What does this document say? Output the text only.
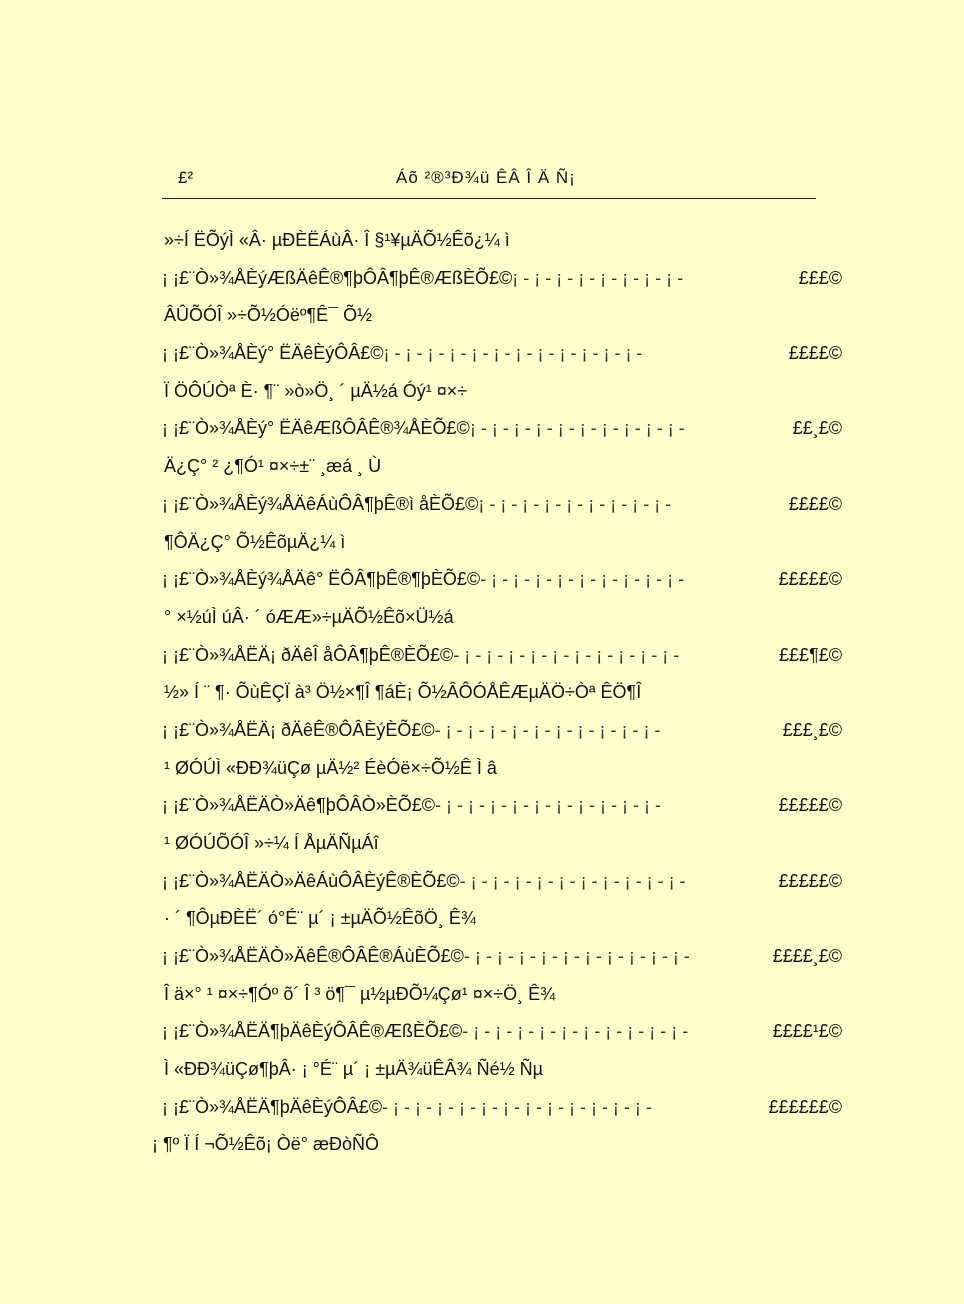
£²	Áõ ²®³Ð¾ü ÊÂ Î Ä Ñ¡
»÷Í ËÕýÌ «Â· µÐÈËÁùÂ· Î §¹¥µÄÕ½Êõ¿¼ ì
¡ ¡£¨Ò»¾ÅÈýÆßÄêÊ®¶þÔÂ¶þÊ®ÆßÈÕ£© ¡ - ¡ - ¡ - ¡ - ¡ - ¡ - ¡ - ¡ -	£££©
ÂÛÕÓÎ »÷Õ½Óëº¶Ê¯ Õ½
¡ ¡£¨Ò»¾ÅÈý° ËÄêÈýÔÂ£© ¡ - ¡ - ¡ - ¡ - ¡ - ¡ - ¡ - ¡ - ¡ - ¡ - ¡ - ¡ -	££££©
Ï ÖÔÚÒª È· ¶¨ »ò»Ö¸ ´ µÄ½á Óý¹ ¤×÷
¡ ¡£¨Ò»¾ÅÈý° ËÄêÆßÔÂÊ®¾ÅÈÕ£© ¡ - ¡ - ¡ - ¡ - ¡ - ¡ - ¡ - ¡ - ¡ - ¡ -	££¸£©
Ä¿Ç° ² ¿¶Ó¹ ¤×÷±¨ ¸æá ¸ Ù
¡ ¡£¨Ò»¾ÅÈý¾ÅÄêÁùÔÂ¶þÊ®ì åÈÕ£© ¡ - ¡ - ¡ - ¡ - ¡ - ¡ - ¡ - ¡ - ¡ -	££££©
¶ÔÄ¿Ç° Õ½ÊõµÄ¿¼ ì
¡ ¡£¨Ò»¾ÅÈý¾ÅÄê° ËÔÂ¶þÊ®¶þÈÕ£© - ¡ - ¡ - ¡ - ¡ - ¡ - ¡ - ¡ - ¡ - ¡ -	£££££©
° ×½úÌ úÂ· ´ óÆÆ»÷µÄÕ½Êõ×Ü½á
¡ ¡£¨Ò»¾ÅËÄ¡ ðÄêÎ åÔÂ¶þÊ®ÈÕ£© - ¡ - ¡ - ¡ - ¡ - ¡ - ¡ - ¡ - ¡ - ¡ - ¡ -	£££¶£©
½» Í ¨ ¶· ÕùÊÇÏ à³ Ö½×¶Î ¶áÈ¡ Õ½ÂÔÓÅÊÆµÄÖ÷Òª ÊÖ¶Î
¡ ¡£¨Ò»¾ÅËÄ¡ ðÄêÊ®ÔÂÈýÈÕ£© - ¡ - ¡ - ¡ - ¡ - ¡ - ¡ - ¡ - ¡ - ¡ - ¡ -	£££¸£©
¹ ØÓÚÌ «ÐÐ¾üÇø µÄ½² ÉèÓë×÷Õ½Ê Ì â
¡ ¡£¨Ò»¾ÅËÄÒ»Äê¶þÔÂÒ»ÈÕ£© - ¡ - ¡ - ¡ - ¡ - ¡ - ¡ - ¡ - ¡ - ¡ - ¡ -	£££££©
¹ ØÓÚÕÓÎ »÷¼ Í ÅµÄÑµÁî
¡ ¡£¨Ò»¾ÅËÄÒ»ÄêÁùÔÂÈýÊ®ÈÕ£© - ¡ - ¡ - ¡ - ¡ - ¡ - ¡ - ¡ - ¡ - ¡ - ¡ -	£££££©
· ´ ¶ÔµÐÈË´ ó°É¨ µ´ ¡ ±µÄÕ½ÊõÖ¸ Ê¾
¡ ¡£¨Ò»¾ÅËÄÒ»ÄêÊ®ÔÂÊ®ÁùÈÕ£© - ¡ - ¡ - ¡ - ¡ - ¡ - ¡ - ¡ - ¡ - ¡ - ¡ -	££££¸£©
Î ä×° ¹ ¤×÷¶Óº õ´ Î ³ ö¶¯ µ½µÐÕ¼Çø¹ ¤×÷Ö¸ Ê¾
¡ ¡£¨Ò»¾ÅËÄ¶þÄêÈýÔÂÊ®ÆßÈÕ£© - ¡ - ¡ - ¡ - ¡ - ¡ - ¡ - ¡ - ¡ - ¡ - ¡ -	££££¹£©
Ì «ÐÐ¾üÇø¶þÂ· ¡ °É¨ µ´ ¡ ±µÄ¾üÊÂ¾ Ñé½ Ñµ
¡ ¡£¨Ò»¾ÅËÄ¶þÄêÈýÔÂ£© - ¡ - ¡ - ¡ - ¡ - ¡ - ¡ - ¡ - ¡ - ¡ - ¡ - ¡ - ¡ -	££££££©
¡ ¶º Ï Í ¬Õ½Êõ¡ Òë° æÐòÑÔ
